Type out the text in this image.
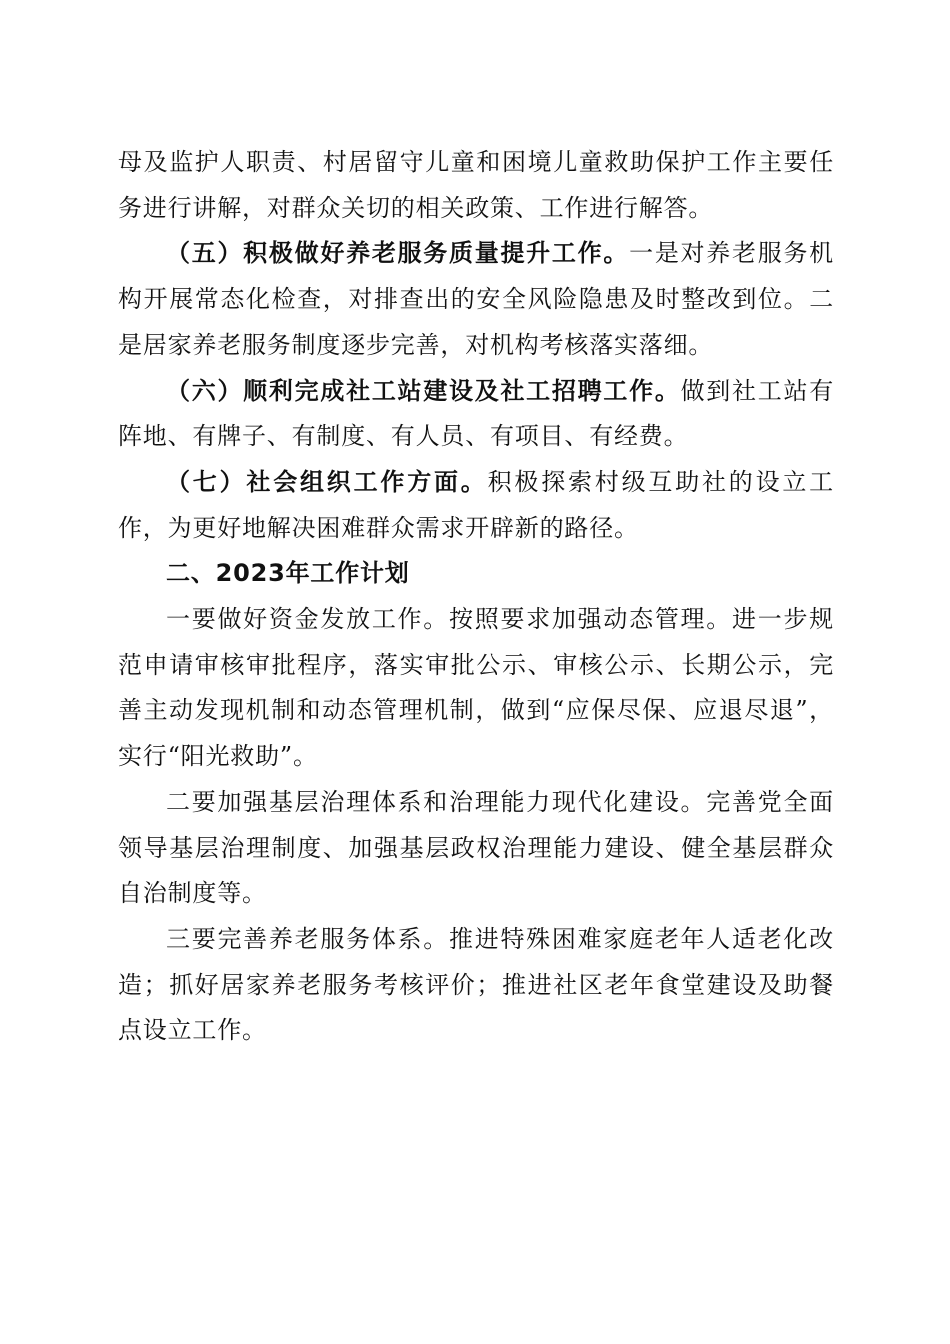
母及监护人职责、村居留守儿童和困境儿童救助保护工作主要任务进行讲解，对群众关切的相关政策、工作进行解答。

（五）积极做好养老服务质量提升工作。一是对养老服务机构开展常态化检查，对排查出的安全风险隐患及时整改到位。二是居家养老服务制度逐步完善，对机构考核落实落细。

（六）顺利完成社工站建设及社工招聘工作。做到社工站有阵地、有牌子、有制度、有人员、有项目、有经费。

（七）社会组织工作方面。积极探索村级互助社的设立工作，为更好地解决困难群众需求开辟新的路径。

二、2023年工作计划

一要做好资金发放工作。按照要求加强动态管理。进一步规范申请审核审批程序，落实审批公示、审核公示、长期公示，完善主动发现机制和动态管理机制，做到“应保尽保、应退尽退”，实行“阳光救助”。

二要加强基层治理体系和治理能力现代化建设。完善党全面领导基层治理制度、加强基层政权治理能力建设、健全基层群众自治制度等。

三要完善养老服务体系。推进特殊困难家庭老年人适老化改造；抓好居家养老服务考核评价；推进社区老年食堂建设及助餐点设立工作。
